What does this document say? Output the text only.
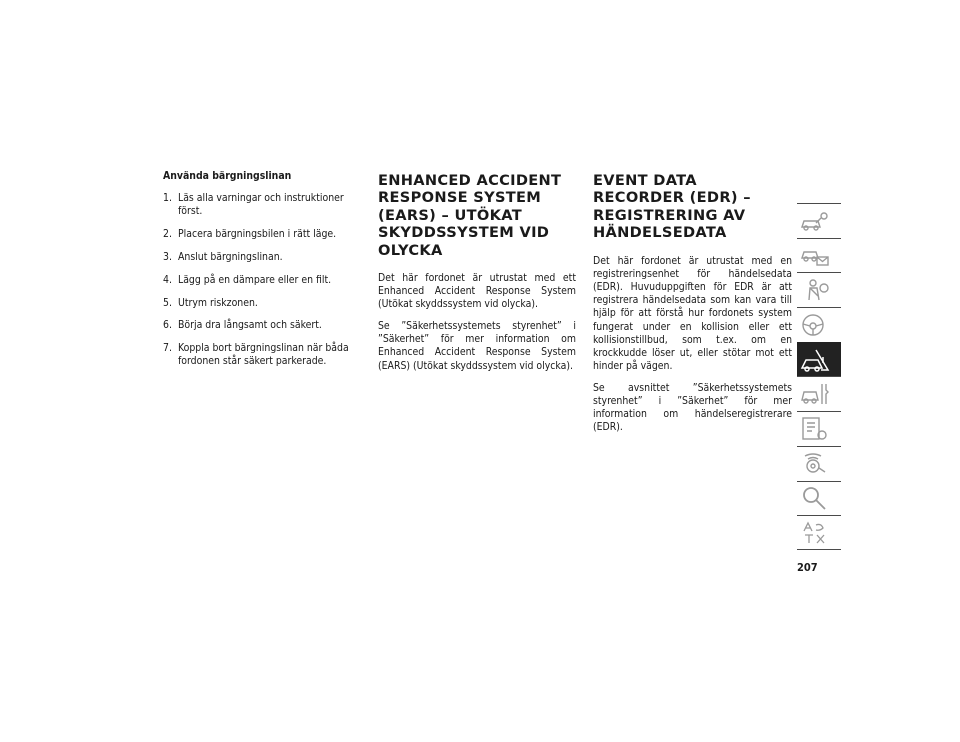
Använda bärgningslinan
1. Läs alla varningar och instruktioner först.
2. Placera bärgningsbilen i rätt läge.
3. Anslut bärgningslinan.
4. Lägg på en dämpare eller en filt.
5. Utrym riskzonen.
6. Börja dra långsamt och säkert.
7. Koppla bort bärgningslinan när båda fordonen står säkert parkerade.
ENHANCED ACCIDENT RESPONSE SYSTEM (EARS) – UTÖKAT SKYDDSSYSTEM VID OLYCKA

Det här fordonet är utrustat med ett Enhanced Accident Response System (Utökat skyddssystem vid olycka).

Se ”Säkerhetssystemets styrenhet” i ”Säkerhet” för mer information om Enhanced Accident Response System (EARS) (Utökat skyddssystem vid olycka).

EVENT DATA RECORDER (EDR) – REGISTRERING AV HÄNDELSEDATA

Det här fordonet är utrustat med en registreringsenhet för händelsedata (EDR). Huvuduppgiften för EDR är att registrera händelsedata som kan vara till hjälp för att förstå hur fordonets system fungerat under en kollision eller ett kollisionstillbud, som t.ex. om en krockkudde löser ut, eller stötar mot ett hinder på vägen.

Se avsnittet ”Säkerhetssystemets styrenhet” i ”Säkerhet” för mer information om händelseregistrerare (EDR).

207
